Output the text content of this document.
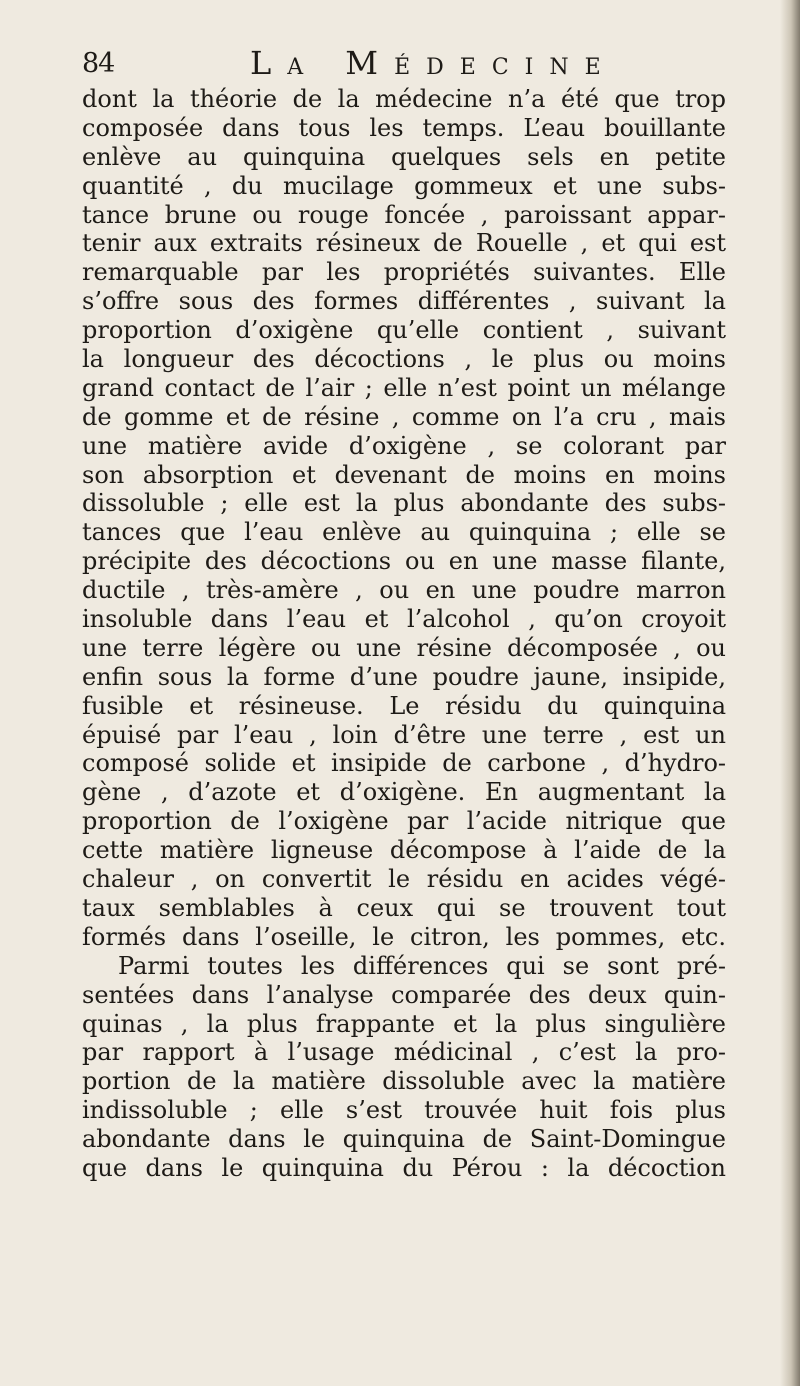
84	La Médecine
dont la théorie de la médecine n’a été que trop
composée dans tous les temps. L’eau bouillante
enlève au quinquina quelques sels en petite
quantité , du mucilage gommeux et une subs-
tance brune ou rouge foncée , paroissant appar-
tenir aux extraits résineux de Rouelle , et qui est
remarquable par les propriétés suivantes. Elle
s’offre sous des formes différentes , suivant la
proportion d’oxigène qu’elle contient , suivant
la longueur des décoctions , le plus ou moins
grand contact de l’air ; elle n’est point un mélange
de gomme et de résine , comme on l’a cru , mais
une matière avide d’oxigène , se colorant par
son absorption et devenant de moins en moins
dissoluble ; elle est la plus abondante des subs-
tances que l’eau enlève au quinquina ; elle se
précipite des décoctions ou en une masse filante,
ductile , très-amère , ou en une poudre marron
insoluble dans l’eau et l’alcohol , qu’on croyoit
une terre légère ou une résine décomposée , ou
enfin sous la forme d’une poudre jaune, insipide,
fusible et résineuse. Le résidu du quinquina
épuisé par l’eau , loin d’être une terre , est un
composé solide et insipide de carbone , d’hydro-
gène , d’azote et d’oxigène. En augmentant la
proportion de l’oxigène par l’acide nitrique que
cette matière ligneuse décompose à l’aide de la
chaleur , on convertit le résidu en acides végé-
taux semblables à ceux qui se trouvent tout
formés dans l’oseille, le citron, les pommes, etc.
Parmi toutes les différences qui se sont pré-
sentées dans l’analyse comparée des deux quin-
quinas , la plus frappante et la plus singulière
par rapport à l’usage médicinal , c’est la pro-
portion de la matière dissoluble avec la matière
indissoluble ; elle s’est trouvée huit fois plus
abondante dans le quinquina de Saint-Domingue
que dans le quinquina du Pérou : la décoction
